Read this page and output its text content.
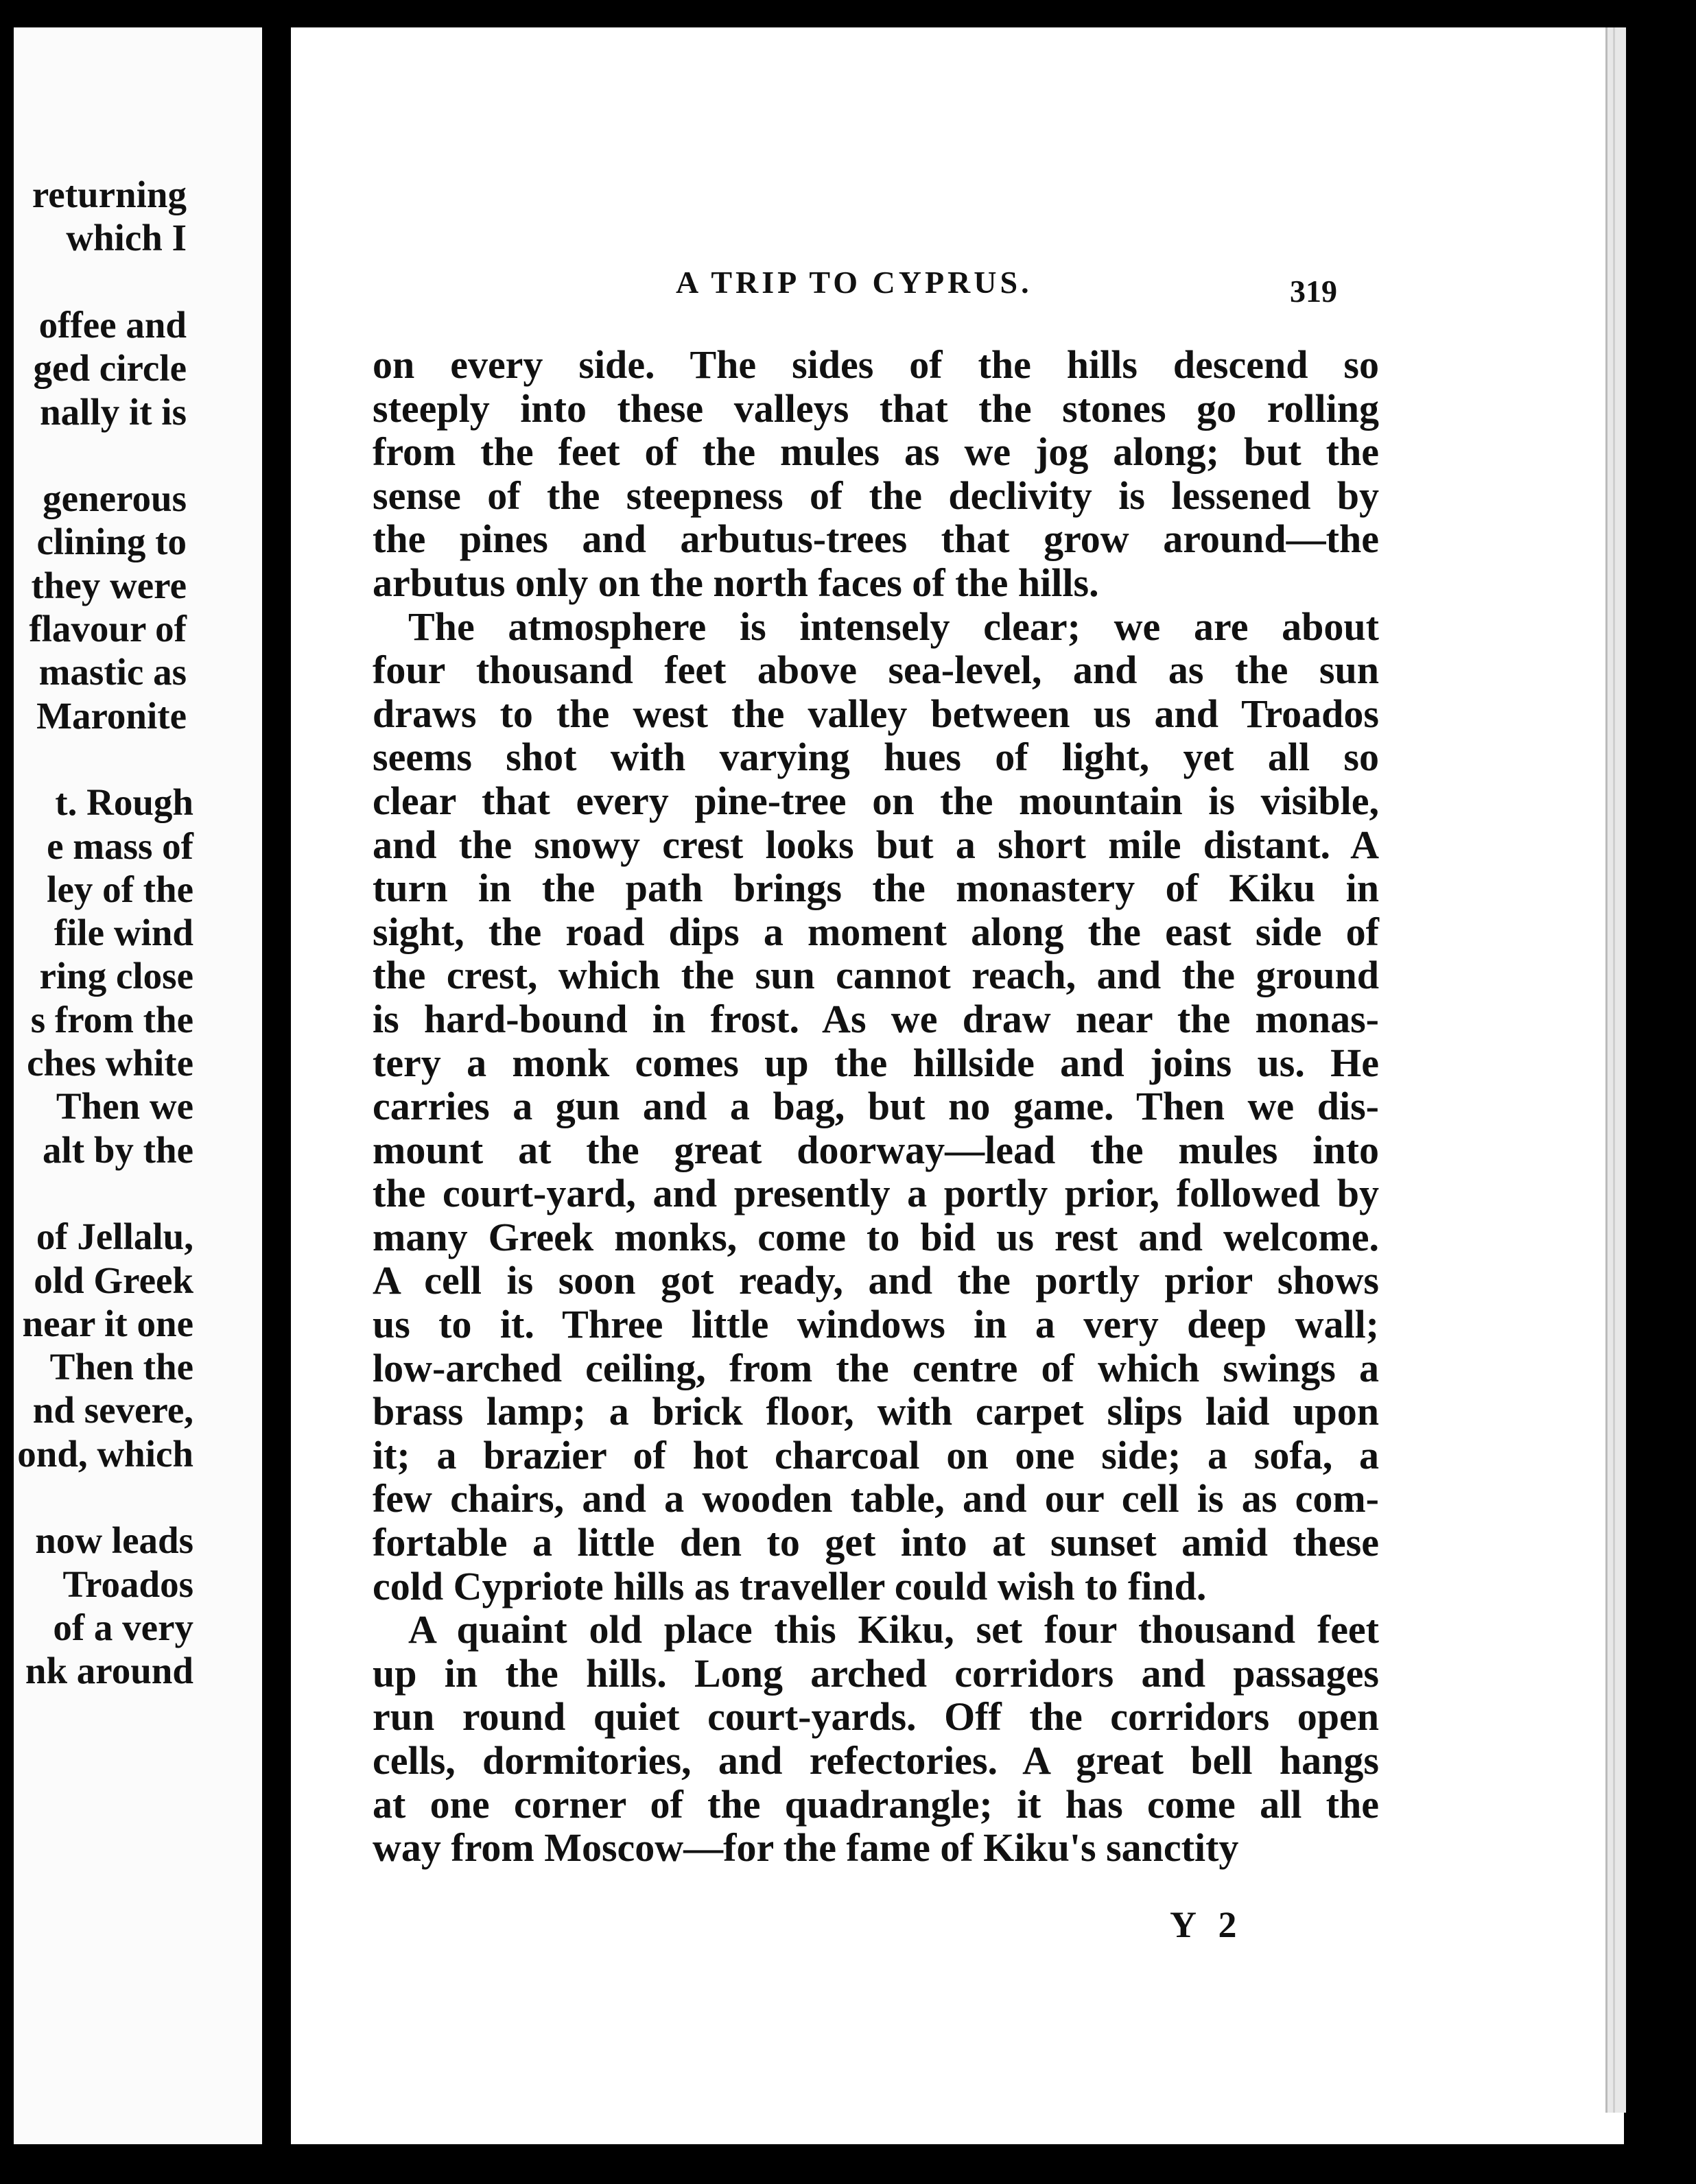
returning
which I
offee and
ged circle
nally it is
generous
clining to
they were
flavour of
mastic as
Maronite
t. Rough
e mass of
ley of the
file wind
ring close
s from the
ches white
Then we
alt by the
of Jellalu,
old Greek
near it one
Then the
nd severe,
ond, which
now leads
Troados
of a very
nk around
A TRIP TO CYPRUS.	319
on every side. The sides of the hills descend so
steeply into these valleys that the stones go rolling
from the feet of the mules as we jog along; but the
sense of the steepness of the declivity is lessened by
the pines and arbutus-trees that grow around—the
arbutus only on the north faces of the hills.
The atmosphere is intensely clear; we are about
four thousand feet above sea-level, and as the sun
draws to the west the valley between us and Troados
seems shot with varying hues of light, yet all so
clear that every pine-tree on the mountain is visible,
and the snowy crest looks but a short mile distant. A
turn in the path brings the monastery of Kiku in
sight, the road dips a moment along the east side of
the crest, which the sun cannot reach, and the ground
is hard-bound in frost. As we draw near the monas-
tery a monk comes up the hillside and joins us. He
carries a gun and a bag, but no game. Then we dis-
mount at the great doorway—lead the mules into
the court-yard, and presently a portly prior, followed by
many Greek monks, come to bid us rest and welcome.
A cell is soon got ready, and the portly prior shows
us to it. Three little windows in a very deep wall;
low-arched ceiling, from the centre of which swings a
brass lamp; a brick floor, with carpet slips laid upon
it; a brazier of hot charcoal on one side; a sofa, a
few chairs, and a wooden table, and our cell is as com-
fortable a little den to get into at sunset amid these
cold Cypriote hills as traveller could wish to find.
A quaint old place this Kiku, set four thousand feet
up in the hills. Long arched corridors and passages
run round quiet court-yards. Off the corridors open
cells, dormitories, and refectories. A great bell hangs
at one corner of the quadrangle; it has come all the
way from Moscow—for the fame of Kiku's sanctity
Y 2
